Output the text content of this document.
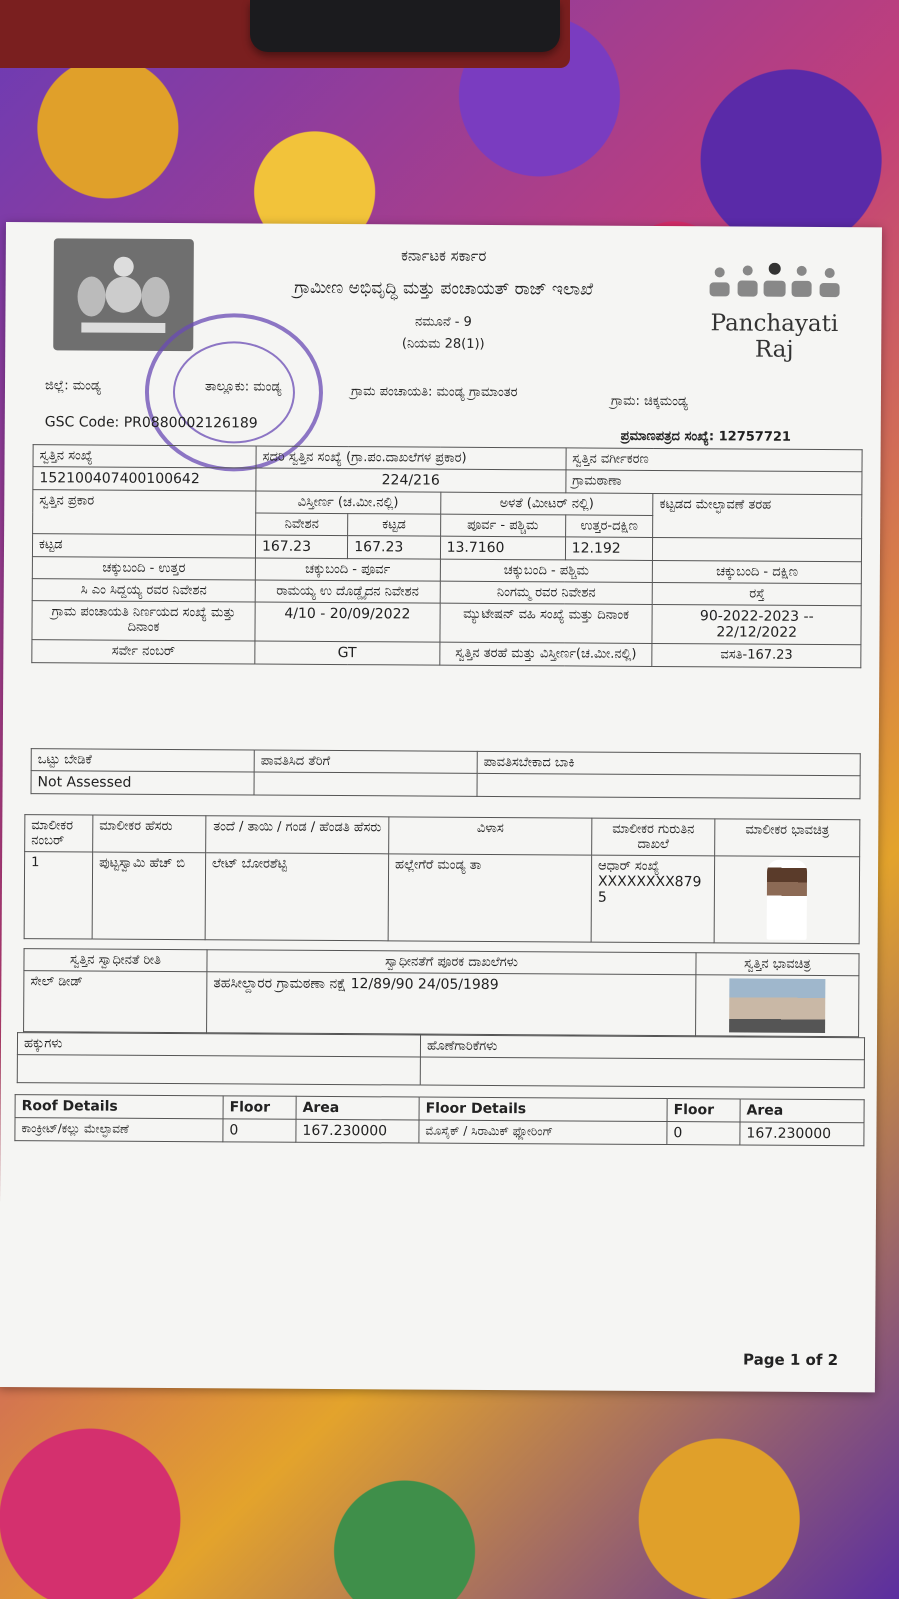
ಕರ್ನಾಟಕ ಸರ್ಕಾರ
ಗ್ರಾಮೀಣ ಅಭಿವೃದ್ಧಿ ಮತ್ತು ಪಂಚಾಯತ್ ರಾಜ್ ಇಲಾಖೆ
ನಮೂನೆ - 9
(ನಿಯಮ 28(1))
Panchayati Raj
ಜಿಲ್ಲೆ: ಮಂಡ್ಯ	ತಾಲ್ಲೂಕು: ಮಂಡ್ಯ	ಗ್ರಾಮ ಪಂಚಾಯತಿ: ಮಂಡ್ಯ ಗ್ರಾಮಾಂತರ
ಗ್ರಾಮ: ಚಿಕ್ಕಮಂಡ್ಯ
GSC Code: PR0880002126189
ಪ್ರಮಾಣಪತ್ರದ ಸಂಖ್ಯೆ: 12757721
ಸ್ವತ್ತಿನ ಸಂಖ್ಯೆ	ಸದರಿ ಸ್ವತ್ತಿನ ಸಂಖ್ಯೆ (ಗ್ರಾ.ಪಂ.ದಾಖಲೆಗಳ ಪ್ರಕಾರ)			ಸ್ವತ್ತಿನ ವರ್ಗೀಕರಣ	
152100407400100642	224/216			ಗ್ರಾಮಠಾಣಾ	
ಸ್ವತ್ತಿನ ಪ್ರಕಾರ	ವಿಸ್ತೀರ್ಣ (ಚ.ಮೀ.ನಲ್ಲಿ)		ಅಳತೆ (ಮೀಟರ್ ನಲ್ಲಿ)		ಕಟ್ಟಡದ ಮೇಲ್ಛಾವಣೆ ತರಹ
	ನಿವೇಶನ	ಕಟ್ಟಡ	ಪೂರ್ವ - ಪಶ್ಚಿಮ	ಉತ್ತರ-ದಕ್ಷಿಣ	
ಕಟ್ಟಡ	167.23	167.23	13.7160	12.192	
ಚಕ್ಕುಬಂದಿ - ಉತ್ತರ	ಚಕ್ಕುಬಂದಿ - ಪೂರ್ವ		ಚಕ್ಕುಬಂದಿ - ಪಶ್ಚಿಮ		ಚಕ್ಕುಬಂದಿ - ದಕ್ಷಿಣ
ಸಿ ಎಂ ಸಿದ್ದಯ್ಯ ರವರ ನಿವೇಶನ	ರಾಮಯ್ಯ ಉ ದೊಡ್ಡೈದನ ನಿವೇಶನ		ನಿಂಗಮ್ಮ ರವರ ನಿವೇಶನ		ರಸ್ತೆ
ಗ್ರಾಮ ಪಂಚಾಯತಿ ನಿರ್ಣಯದ ಸಂಖ್ಯೆ ಮತ್ತು ದಿನಾಂಕ	4/10 - 20/09/2022		ಮ್ಯುಟೇಷನ್ ವಹಿ ಸಂಖ್ಯೆ ಮತ್ತು ದಿನಾಂಕ		90-2022-2023 -- 22/12/2022
ಸರ್ವೇ ನಂಬರ್	GT		ಸ್ವತ್ತಿನ ತರಹೆ ಮತ್ತು ವಿಸ್ತೀರ್ಣ(ಚ.ಮೀ.ನಲ್ಲಿ)		ವಸತಿ-167.23
ಒಟ್ಟು ಬೇಡಿಕೆ	ಪಾವತಿಸಿದ ತೆರಿಗೆ	ಪಾವತಿಸಬೇಕಾದ ಬಾಕಿ
Not Assessed		
ಮಾಲೀಕರ ನಂಬರ್	ಮಾಲೀಕರ ಹೆಸರು	ತಂದೆ / ತಾಯಿ / ಗಂಡ / ಹೆಂಡತಿ ಹೆಸರು	ವಿಳಾಸ	ಮಾಲೀಕರ ಗುರುತಿನ ದಾಖಲೆ	ಮಾಲೀಕರ ಭಾವಚಿತ್ರ
1	ಪುಟ್ಟಸ್ವಾಮಿ ಹೆಚ್ ಬಿ	ಲೇಟ್ ಬೋರಶೆಟ್ಟಿ	ಹಲ್ಲೇಗೆರೆ ಮಂಡ್ಯ ತಾ	ಆಧಾರ್ ಸಂಖ್ಯೆ
XXXXXXXX8795	

ಸ್ವತ್ತಿನ ಸ್ವಾಧೀನತೆ ರೀತಿ	ಸ್ವಾಧೀನತೆಗೆ ಪೂರಕ ದಾಖಲೆಗಳು	ಸ್ವತ್ತಿನ ಭಾವಚಿತ್ರ
ಸೇಲ್ ಡೀಡ್	ತಹಸೀಲ್ದಾರರ ಗ್ರಾಮಠಣಾ ನಕ್ಷೆ 12/89/90 24/05/1989	
ಹಕ್ಕುಗಳು	ಹೊಣೆಗಾರಿಕೆಗಳು

Roof Details	Floor	Area	Floor Details	Floor	Area
ಕಾಂಕ್ರೀಟ್/ಕಲ್ಲು ಮೇಲ್ಛಾವಣೆ	0	167.230000	ಮೊಸೈಕ್ / ಸಿರಾಮಿಕ್ ಫ್ಲೋರಿಂಗ್	0	167.230000
Page 1 of 2
